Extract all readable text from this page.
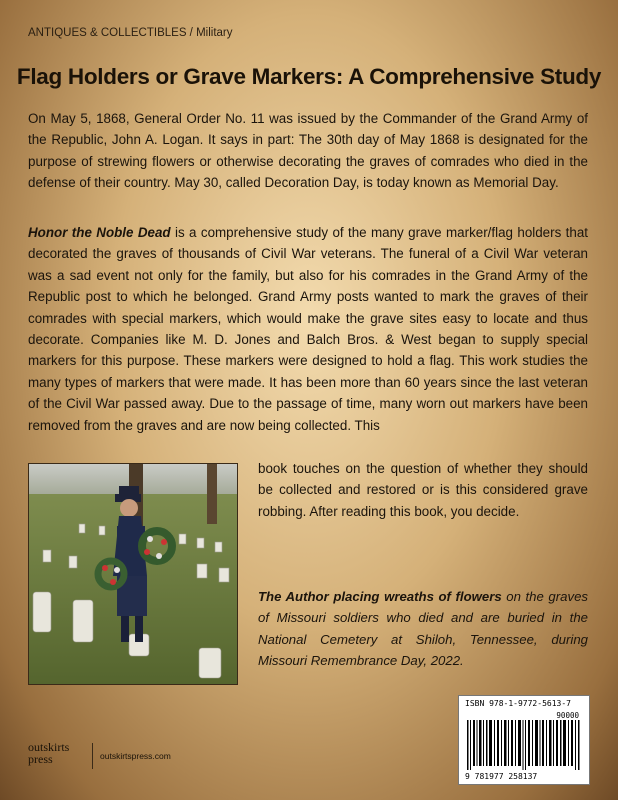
ANTIQUES & COLLECTIBLES / Military
Flag Holders or Grave Markers: A Comprehensive Study

On May 5, 1868, General Order No. 11 was issued by the Commander of the Grand Army of the Republic, John A. Logan. It says in part: The 30th day of May 1868 is designated for the purpose of strewing flowers or otherwise decorating the graves of comrades who died in the defense of their country. May 30, called Decoration Day, is today known as Memorial Day.

Honor the Noble Dead is a comprehensive study of the many grave marker/flag holders that decorated the graves of thousands of Civil War veterans. The funeral of a Civil War veteran was a sad event not only for the family, but also for his comrades in the Grand Army of the Republic post to which he belonged. Grand Army posts wanted to mark the graves of their comrades with special markers, which would make the grave sites easy to locate and thus decorate. Companies like M. D. Jones and Balch Bros. & West began to supply special markers for this purpose. These markers were designed to hold a flag. This work studies the many types of markers that were made. It has been more than 60 years since the last veteran of the Civil War passed away. Due to the passage of time, many worn out markers have been removed from the graves and are now being collected. This

book touches on the question of whether they should be collected and restored or is this considered grave robbing. After reading this book, you decide.

The Author placing wreaths of flowers on the graves of Missouri soldiers who died and are buried in the National Cemetery at Shiloh, Tennessee, during Missouri Remembrance Day, 2022.

ISBN 978-1-9772-5613-7
90000
9 781977 258137
outskirts
press	outskirtspress.com
